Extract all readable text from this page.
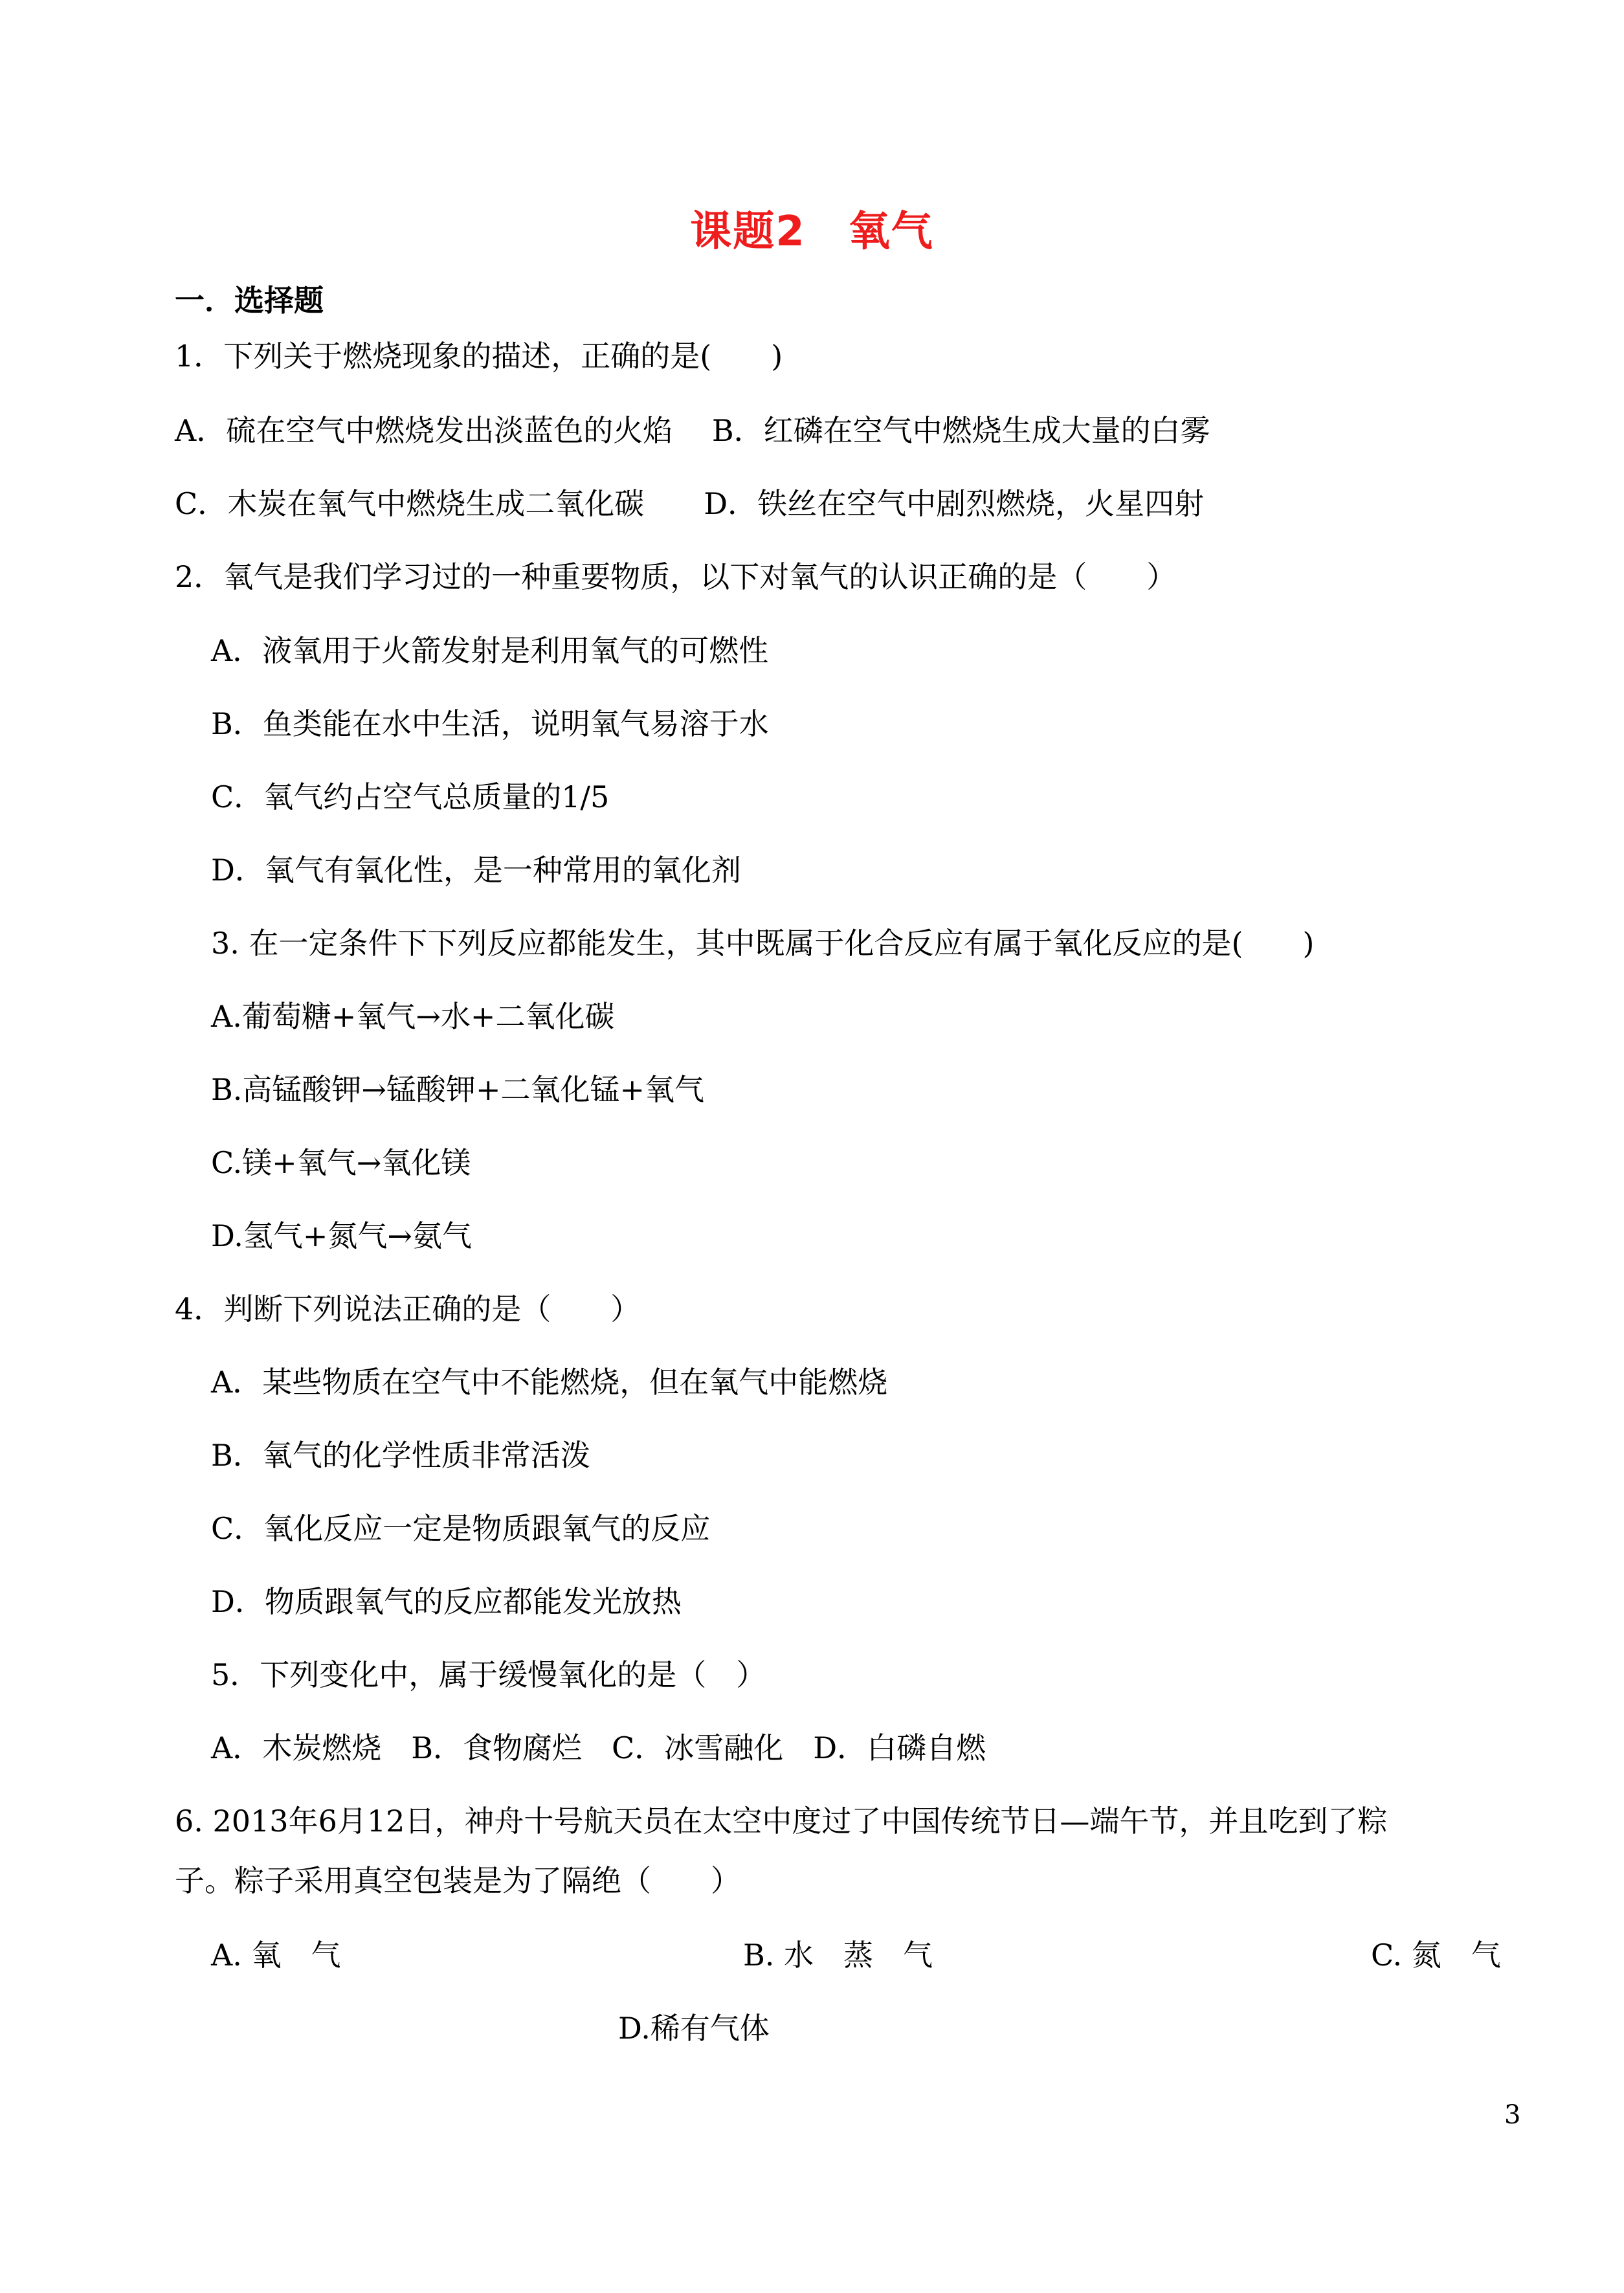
课题2　氧气
一．选择题
1．下列关于燃烧现象的描述，正确的是(　　)
A．硫在空气中燃烧发出淡蓝色的火焰　 B．红磷在空气中燃烧生成大量的白雾
C．木炭在氧气中燃烧生成二氧化碳　　D．铁丝在空气中剧烈燃烧，火星四射
2．氧气是我们学习过的一种重要物质，以下对氧气的认识正确的是（　　）
A．液氧用于火箭发射是利用氧气的可燃性
B．鱼类能在水中生活，说明氧气易溶于水
C．氧气约占空气总质量的1/5
D．氧气有氧化性，是一种常用的氧化剂
3. 在一定条件下下列反应都能发生，其中既属于化合反应有属于氧化反应的是(　　)
A.葡萄糖+氧气→水+二氧化碳
B.高锰酸钾→锰酸钾+二氧化锰+氧气
C.镁+氧气→氧化镁
D.氢气+氮气→氨气
4．判断下列说法正确的是（　　）
A．某些物质在空气中不能燃烧，但在氧气中能燃烧
B．氧气的化学性质非常活泼
C．氧化反应一定是物质跟氧气的反应
D．物质跟氧气的反应都能发光放热
5．下列变化中，属于缓慢氧化的是（　）
A．木炭燃烧　B．食物腐烂　C．冰雪融化　D．白磷自燃
6. 2013年6月12日，神舟十号航天员在太空中度过了中国传统节日—端午节，并且吃到了粽
子。粽子采用真空包装是为了隔绝（　　）
A. 氧　气	B. 水　蒸　气	C. 氮　气
D.稀有气体
3
